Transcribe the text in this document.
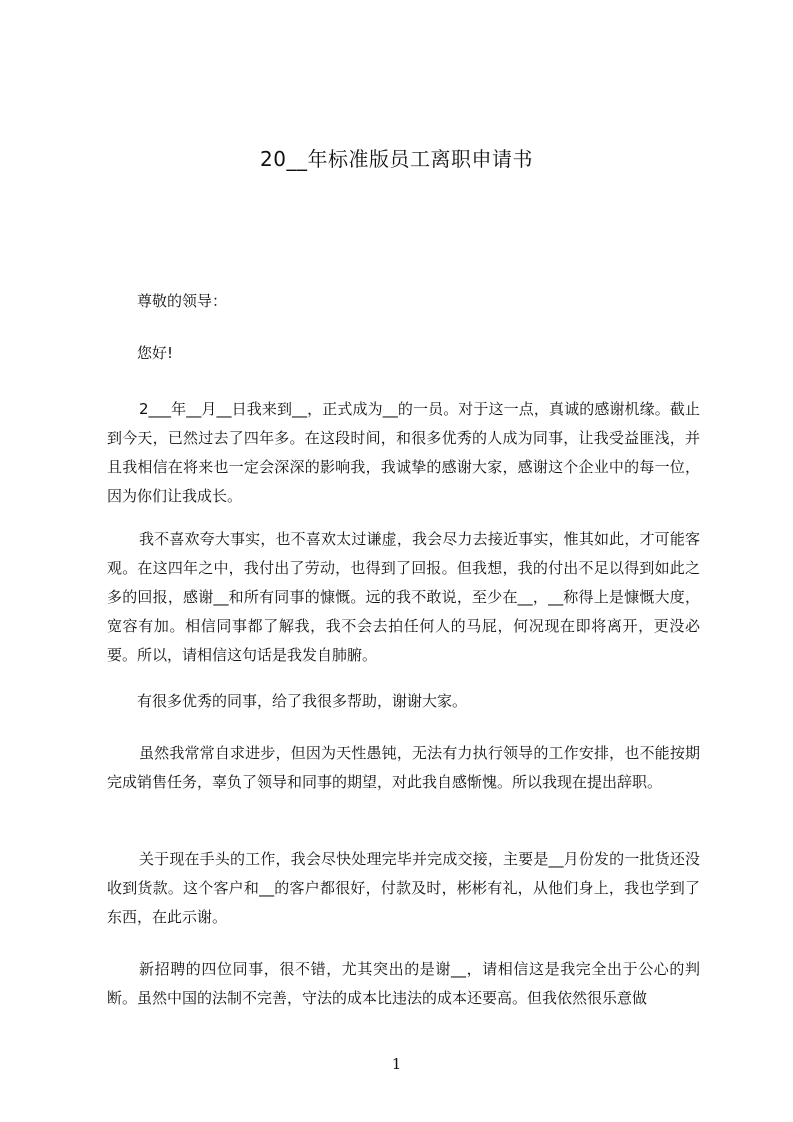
20__年标准版员工离职申请书

尊敬的领导：

您好!

2___年__月__日我来到__，正式成为__的一员。对于这一点，真诚的感谢机缘。截止到今天，已然过去了四年多。在这段时间，和很多优秀的人成为同事，让我受益匪浅，并且我相信在将来也一定会深深的影响我，我诚挚的感谢大家，感谢这个企业中的每一位，因为你们让我成长。

我不喜欢夸大事实，也不喜欢太过谦虚，我会尽力去接近事实，惟其如此，才可能客观。在这四年之中，我付出了劳动，也得到了回报。但我想，我的付出不足以得到如此之多的回报，感谢__和所有同事的慷慨。远的我不敢说，至少在__，__称得上是慷慨大度，宽容有加。相信同事都了解我，我不会去拍任何人的马屁，何况现在即将离开，更没必要。所以，请相信这句话是我发自肺腑。

有很多优秀的同事，给了我很多帮助，谢谢大家。

虽然我常常自求进步，但因为天性愚钝，无法有力执行领导的工作安排，也不能按期完成销售任务，辜负了领导和同事的期望，对此我自感惭愧。所以我现在提出辞职。

关于现在手头的工作，我会尽快处理完毕并完成交接，主要是__月份发的一批货还没收到货款。这个客户和__的客户都很好，付款及时，彬彬有礼，从他们身上，我也学到了东西，在此示谢。

新招聘的四位同事，很不错，尤其突出的是谢__，请相信这是我完全出于公心的判断。虽然中国的法制不完善，守法的成本比违法的成本还要高。但我依然很乐意做

1
